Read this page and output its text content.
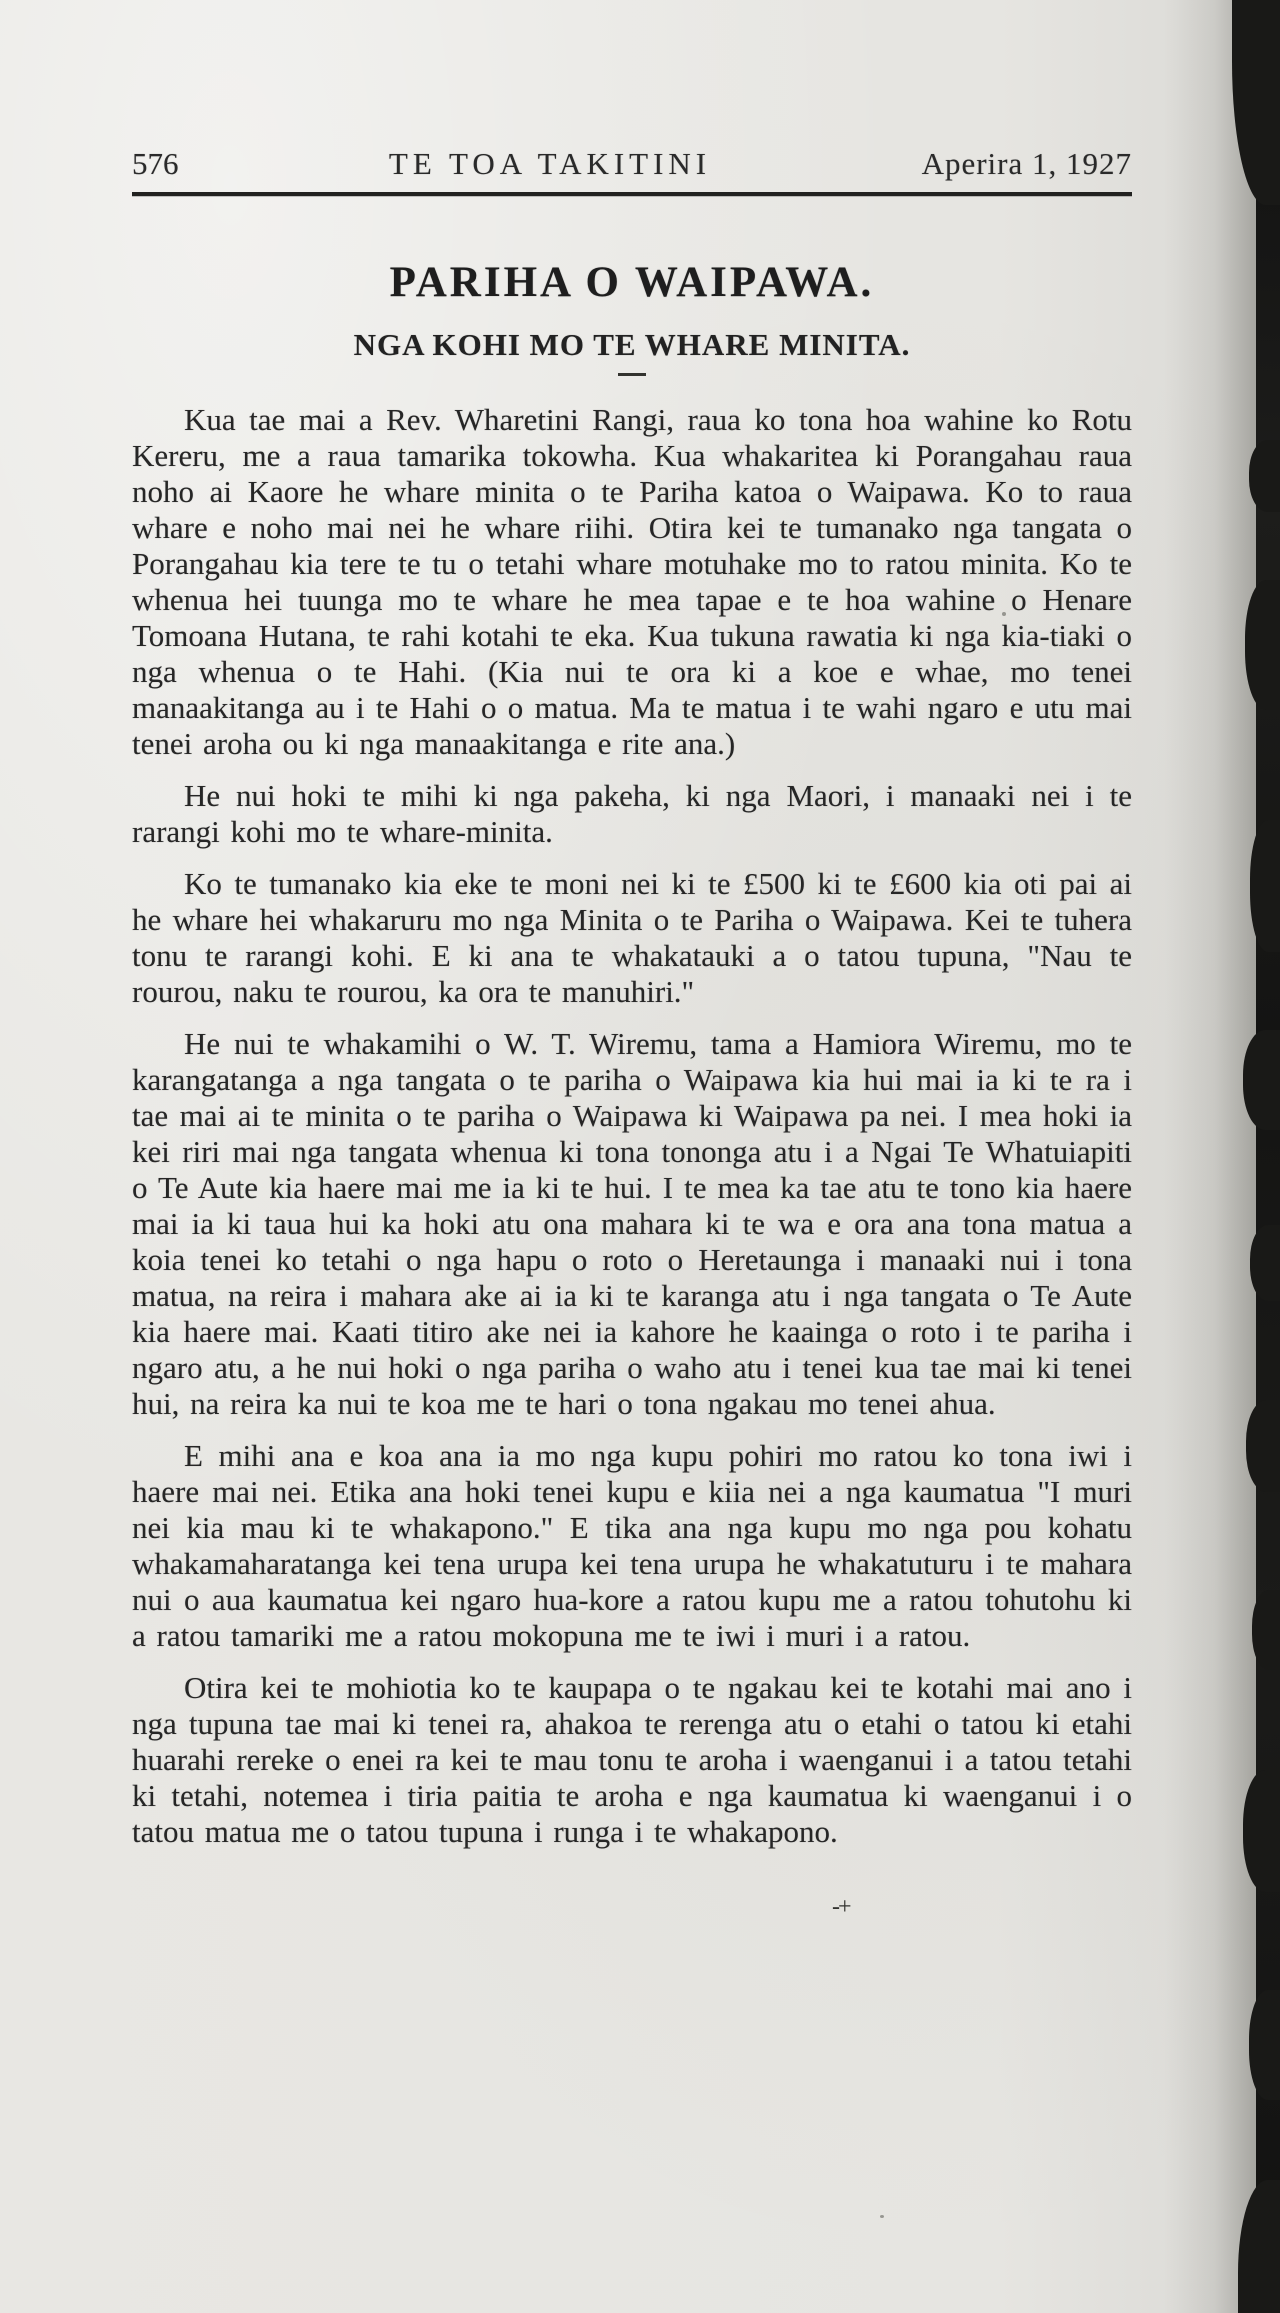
576	TE TOA TAKITINI	Aperira 1, 1927
PARIHA O WAIPAWA.
NGA KOHI MO TE WHARE MINITA.

Kua tae mai a Rev. Wharetini Rangi, raua ko tona hoa wahine ko Rotu Kereru, me a raua tamarika tokowha. Kua whakaritea ki Porangahau raua noho ai Kaore he whare minita o te Pariha katoa o Waipawa. Ko to raua whare e noho mai nei he whare riihi. Otira kei te tumanako nga tangata o Porangahau kia tere te tu o tetahi whare motuhake mo to ratou minita. Ko te whenua hei tuunga mo te whare he mea tapae e te hoa wahine o Henare Tomoana Hutana, te rahi kotahi te eka. Kua tukuna rawatia ki nga kia-tiaki o nga whenua o te Hahi. (Kia nui te ora ki a koe e whae, mo tenei manaakitanga au i te Hahi o o matua. Ma te matua i te wahi ngaro e utu mai tenei aroha ou ki nga manaakitanga e rite ana.)

He nui hoki te mihi ki nga pakeha, ki nga Maori, i manaaki nei i te rarangi kohi mo te whare-minita.

Ko te tumanako kia eke te moni nei ki te £500 ki te £600 kia oti pai ai he whare hei whakaruru mo nga Minita o te Pariha o Waipawa. Kei te tuhera tonu te rarangi kohi. E ki ana te whakatauki a o tatou tupuna, "Nau te rourou, naku te rourou, ka ora te manuhiri."

He nui te whakamihi o W. T. Wiremu, tama a Hamiora Wiremu, mo te karangatanga a nga tangata o te pariha o Waipawa kia hui mai ia ki te ra i tae mai ai te minita o te pariha o Waipawa ki Waipawa pa nei. I mea hoki ia kei riri mai nga tangata whenua ki tona tononga atu i a Ngai Te Whatuiapiti o Te Aute kia haere mai me ia ki te hui. I te mea ka tae atu te tono kia haere mai ia ki taua hui ka hoki atu ona mahara ki te wa e ora ana tona matua a koia tenei ko tetahi o nga hapu o roto o Heretaunga i manaaki nui i tona matua, na reira i mahara ake ai ia ki te karanga atu i nga tangata o Te Aute kia haere mai. Kaati titiro ake nei ia kahore he kaainga o roto i te pariha i ngaro atu, a he nui hoki o nga pariha o waho atu i tenei kua tae mai ki tenei hui, na reira ka nui te koa me te hari o tona ngakau mo tenei ahua.

E mihi ana e koa ana ia mo nga kupu pohiri mo ratou ko tona iwi i haere mai nei. Etika ana hoki tenei kupu e kiia nei a nga kaumatua "I muri nei kia mau ki te whakapono." E tika ana nga kupu mo nga pou kohatu whakamaharatanga kei tena urupa kei tena urupa he whakatuturu i te mahara nui o aua kaumatua kei ngaro hua-kore a ratou kupu me a ratou tohutohu ki a ratou tamariki me a ratou mokopuna me te iwi i muri i a ratou.

Otira kei te mohiotia ko te kaupapa o te ngakau kei te kotahi mai ano i nga tupuna tae mai ki tenei ra, ahakoa te rerenga atu o etahi o tatou ki etahi huarahi rereke o enei ra kei te mau tonu te aroha i waenganui i a tatou tetahi ki tetahi, notemea i tiria paitia te aroha e nga kaumatua ki waenganui i o tatou matua me o tatou tupuna i runga i te whakapono.

-+
